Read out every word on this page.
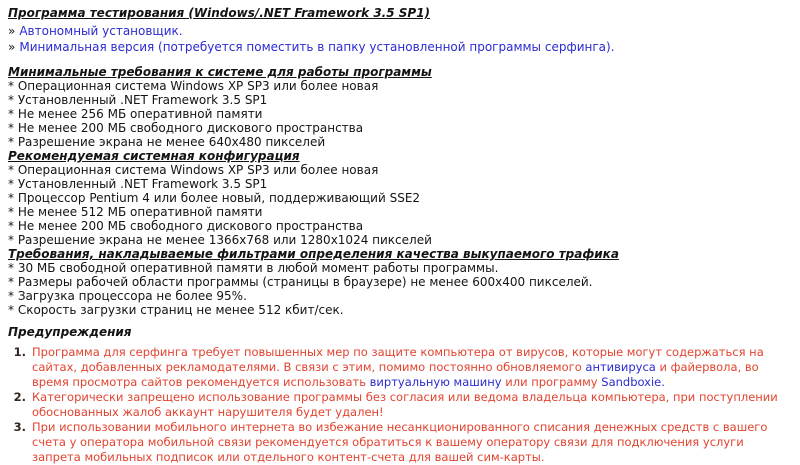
Программа тестирования (Windows/.NET Framework 3.5 SP1)
» Автономный установщик.
» Минимальная версия (потребуется поместить в папку установленной программы серфинга).
Минимальные требования к системе для работы программы
* Операционная система Windows XP SP3 или более новая
* Установленный .NET Framework 3.5 SP1
* Не менее 256 МБ оперативной памяти
* Не менее 200 МБ свободного дискового пространства
* Разрешение экрана не менее 640x480 пикселей
Рекомендуемая системная конфигурация
* Операционная система Windows XP SP3 или более новая
* Установленный .NET Framework 3.5 SP1
* Процессор Pentium 4 или более новый, поддерживающий SSE2
* Не менее 512 МБ оперативной памяти
* Не менее 200 МБ свободного дискового пространства
* Разрешение экрана не менее 1366x768 или 1280x1024 пикселей
Требования, накладываемые фильтрами определения качества выкупаемого трафика
* 30 МБ свободной оперативной памяти в любой момент работы программы.
* Размеры рабочей области программы (страницы в браузере) не менее 600x400 пикселей.
* Загрузка процессора не более 95%.
* Скорость загрузки страниц не менее 512 кбит/сек.
Предупреждения
1. Программа для серфинга требует повышенных мер по защите компьютера от вирусов, которые могут содержаться на сайтах, добавленных рекламодателями. В связи с этим, помимо постоянно обновляемого антивируса и файервола, во время просмотра сайтов рекомендуется использовать виртуальную машину или программу Sandboxie.
2. Категорически запрещено использование программы без согласия или ведома владельца компьютера, при поступлении обоснованных жалоб аккаунт нарушителя будет удален!
3. При использовании мобильного интернета во избежание несанкционированного списания денежных средств с вашего счета у оператора мобильной связи рекомендуется обратиться к вашему оператору связи для подключения услуги запрета мобильных подписок или отдельного контент-счета для вашей сим-карты.
